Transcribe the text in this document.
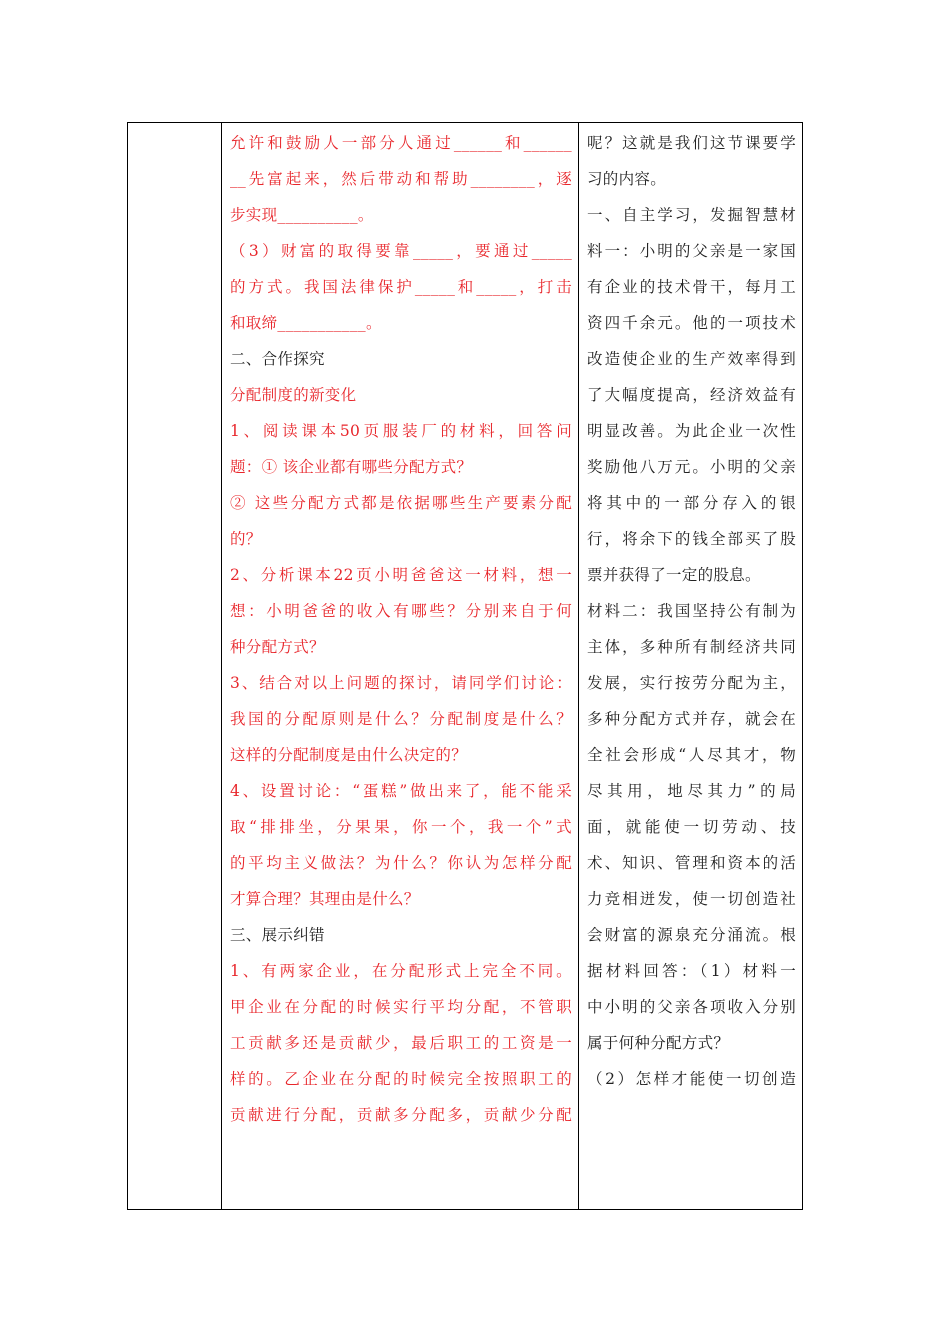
允许和鼓励人一部分人通过______和______
__先富起来，然后带动和帮助________，逐
步实现__________。
（3）财富的取得要靠_____，要通过_____
的方式。我国法律保护_____和_____，打击
和取缔___________。
二、合作探究
分配制度的新变化
1、阅读课本50页服装厂的材料，回答问
题：① 该企业都有哪些分配方式？
② 这些分配方式都是依据哪些生产要素分配
的？
2、分析课本22页小明爸爸这一材料，想一
想：小明爸爸的收入有哪些？分别来自于何
种分配方式？
3、结合对以上问题的探讨，请同学们讨论：
我国的分配原则是什么？分配制度是什么？
这样的分配制度是由什么决定的？
4、设置讨论：“蛋糕”做出来了，能不能采
取“排排坐，分果果，你一个，我一个”式
的平均主义做法？为什么？你认为怎样分配
才算合理？其理由是什么？
三、展示纠错
1、有两家企业，在分配形式上完全不同。
甲企业在分配的时候实行平均分配，不管职
工贡献多还是贡献少，最后职工的工资是一
样的。乙企业在分配的时候完全按照职工的
贡献进行分配，贡献多分配多，贡献少分配
呢？这就是我们这节课要学
习的内容。
一、自主学习，发掘智慧材
料一：小明的父亲是一家国
有企业的技术骨干，每月工
资四千余元。他的一项技术
改造使企业的生产效率得到
了大幅度提高，经济效益有
明显改善。为此企业一次性
奖励他八万元。小明的父亲
将其中的一部分存入的银
行，将余下的钱全部买了股
票并获得了一定的股息。
材料二：我国坚持公有制为
主体，多种所有制经济共同
发展，实行按劳分配为主，
多种分配方式并存，就会在
全社会形成“人尽其才，物
尽其用，地尽其力”的局
面，就能使一切劳动、技
术、知识、管理和资本的活
力竞相迸发，使一切创造社
会财富的源泉充分涌流。根
据材料回答：（1）材料一
中小明的父亲各项收入分别
属于何种分配方式？
（2）怎样才能使一切创造
